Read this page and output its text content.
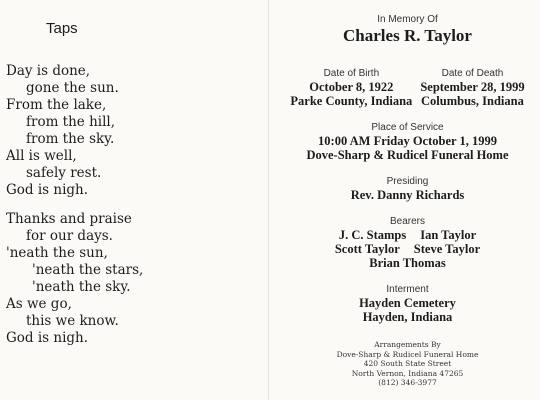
Taps
Day is done,
gone the sun.
From the lake,
from the hill,
from the sky.
All is well,
safely rest.
God is nigh.
Thanks and praise
for our days.
'neath the sun,
'neath the stars,
'neath the sky.
As we go,
this we know.
God is nigh.
In Memory Of
Charles R. Taylor
Date of Birth
October 8, 1922
Parke County, Indiana
Date of Death
September 28, 1999
Columbus, Indiana
Place of Service
10:00 AM Friday October 1, 1999
Dove-Sharp & Rudicel Funeral Home
Presiding
Rev. Danny Richards
Bearers
J. C. Stamps Ian Taylor
Scott Taylor Steve Taylor
Brian Thomas
Interment
Hayden Cemetery
Hayden, Indiana
Arrangements By
Dove-Sharp & Rudicel Funeral Home
420 South State Street
North Vernon, Indiana 47265
(812) 346-3977
